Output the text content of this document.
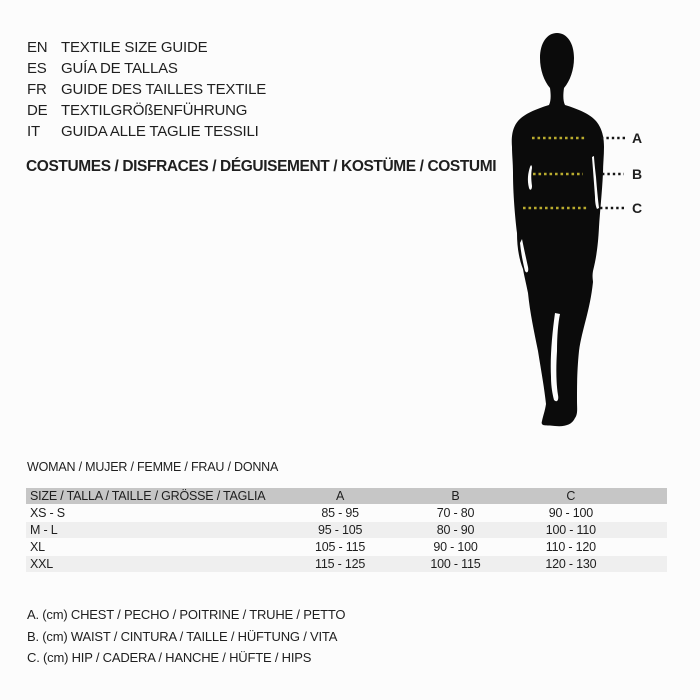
EN TEXTILE SIZE GUIDE
ES GUÍA DE TALLAS
FR GUIDE DES TAILLES TEXTILE
DE TEXTILGRÖßENFÜHRUNG
IT	GUIDA ALLE TAGLIE TESSILI
COSTUMES / DISFRACES / DÉGUISEMENT / KOSTÜME / COSTUMI
A
B
C
WOMAN / MUJER / FEMME / FRAU / DONNA
SIZE / TALLA / TAILLE / GRÖSSE / TAGLIA	A	B	C	
XS - S	85 - 95	70 - 80	90 - 100	
M - L	95 - 105	80 - 90	100 - 110	
XL	105 - 115	90 - 100	110 - 120	
XXL	115 - 125	100 - 115	120 - 130	
A. (cm) CHEST / PECHO / POITRINE / TRUHE / PETTO
B. (cm) WAIST / CINTURA / TAILLE / HÜFTUNG / VITA
C. (cm) HIP / CADERA / HANCHE / HÜFTE / HIPS
